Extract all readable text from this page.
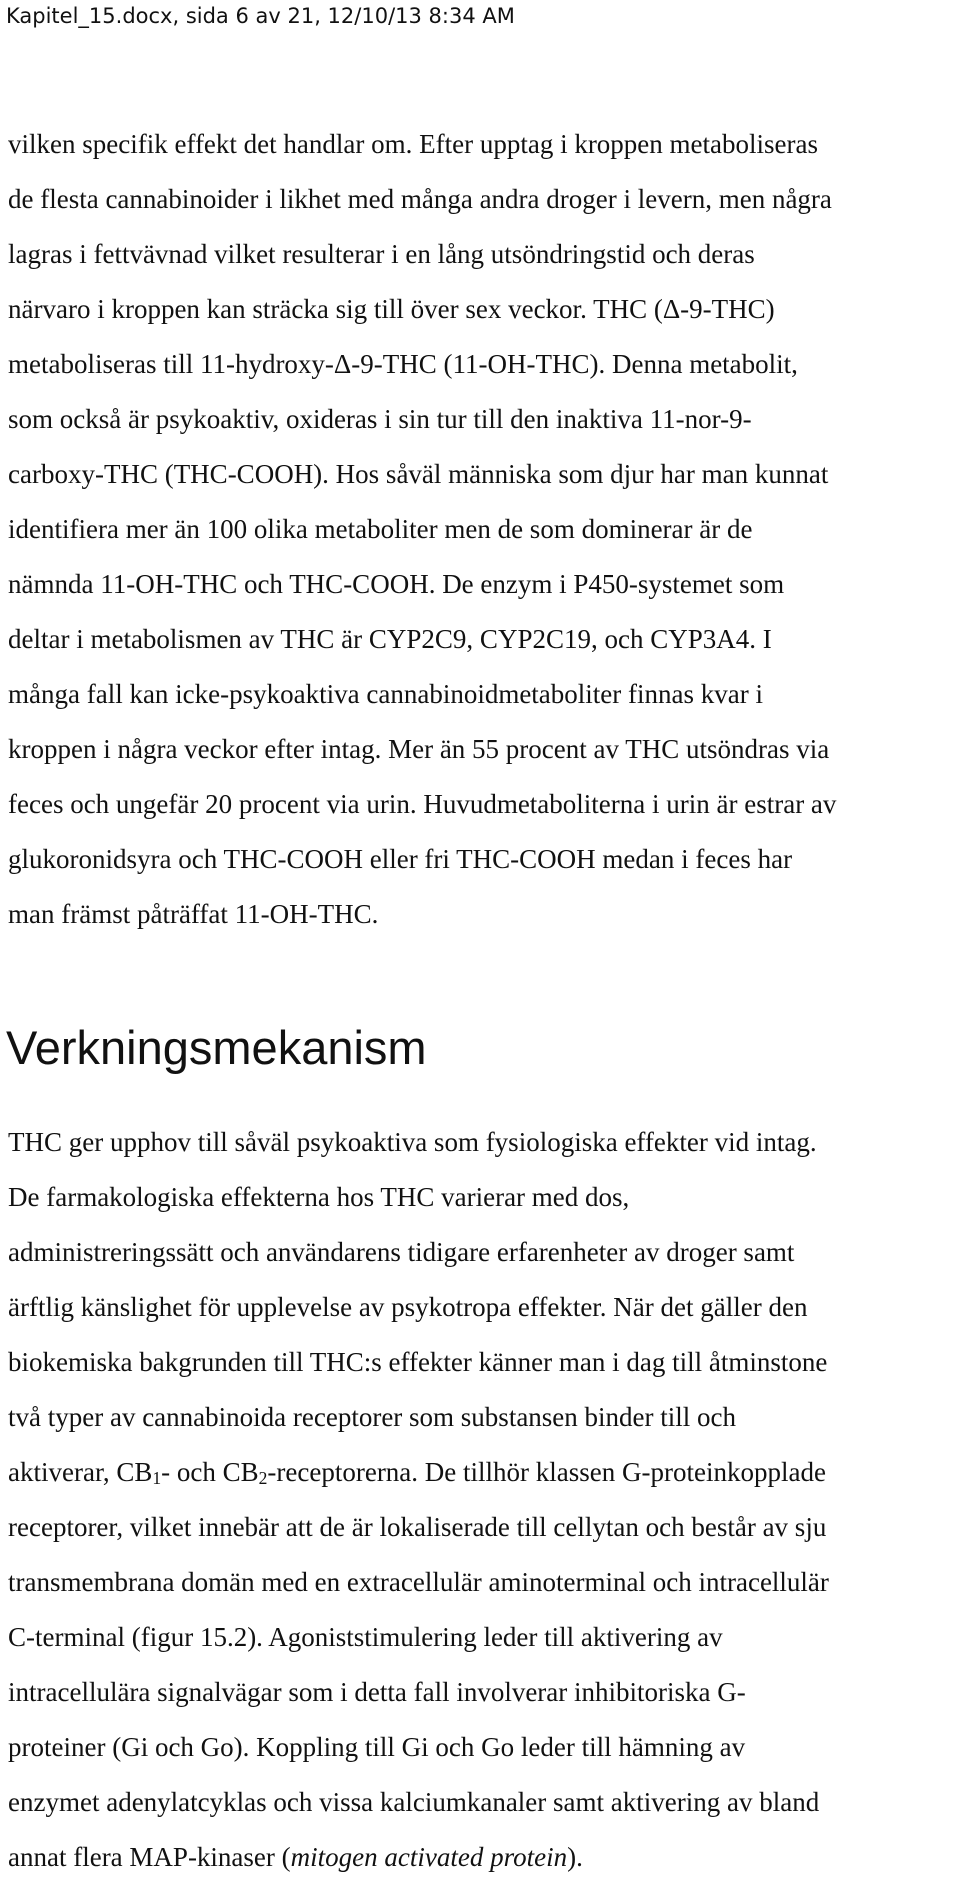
Kapitel_15.docx, sida 6 av 21, 12/10/13 8:34 AM

vilken specifik effekt det handlar om. Efter upptag i kroppen metaboliseras
de flesta cannabinoider i likhet med många andra droger i levern, men några
lagras i fettvävnad vilket resulterar i en lång utsöndringstid och deras
närvaro i kroppen kan sträcka sig till över sex veckor. THC (Δ-9-THC)
metaboliseras till 11-hydroxy-Δ-9-THC (11-OH-THC). Denna metabolit,
som också är psykoaktiv, oxideras i sin tur till den inaktiva 11-nor-9-
carboxy-THC (THC-COOH). Hos såväl människa som djur har man kunnat
identifiera mer än 100 olika metaboliter men de som dominerar är de
nämnda 11-OH-THC och THC-COOH. De enzym i P450-systemet som
deltar i metabolismen av THC är CYP2C9, CYP2C19, och CYP3A4. I
många fall kan icke-psykoaktiva cannabinoidmetaboliter finnas kvar i
kroppen i några veckor efter intag. Mer än 55 procent av THC utsöndras via
feces och ungefär 20 procent via urin. Huvudmetaboliterna i urin är estrar av
glukoronidsyra och THC-COOH eller fri THC-COOH medan i feces har
man främst påträffat 11-OH-THC.

Verkningsmekanism

THC ger upphov till såväl psykoaktiva som fysiologiska effekter vid intag.
De farmakologiska effekterna hos THC varierar med dos,
administreringssätt och användarens tidigare erfarenheter av droger samt
ärftlig känslighet för upplevelse av psykotropa effekter. När det gäller den
biokemiska bakgrunden till THC:s effekter känner man i dag till åtminstone
två typer av cannabinoida receptorer som substansen binder till och
aktiverar, CB1- och CB2-receptorerna. De tillhör klassen G-proteinkopplade
receptorer, vilket innebär att de är lokaliserade till cellytan och består av sju
transmembrana domän med en extracellulär aminoterminal och intracellulär
C-terminal (figur 15.2). Agoniststimulering leder till aktivering av
intracellulära signalvägar som i detta fall involverar inhibitoriska G-
proteiner (Gi och Go). Koppling till Gi och Go leder till hämning av
enzymet adenylatcyklas och vissa kalciumkanaler samt aktivering av bland
annat flera MAP-kinaser (mitogen activated protein).
